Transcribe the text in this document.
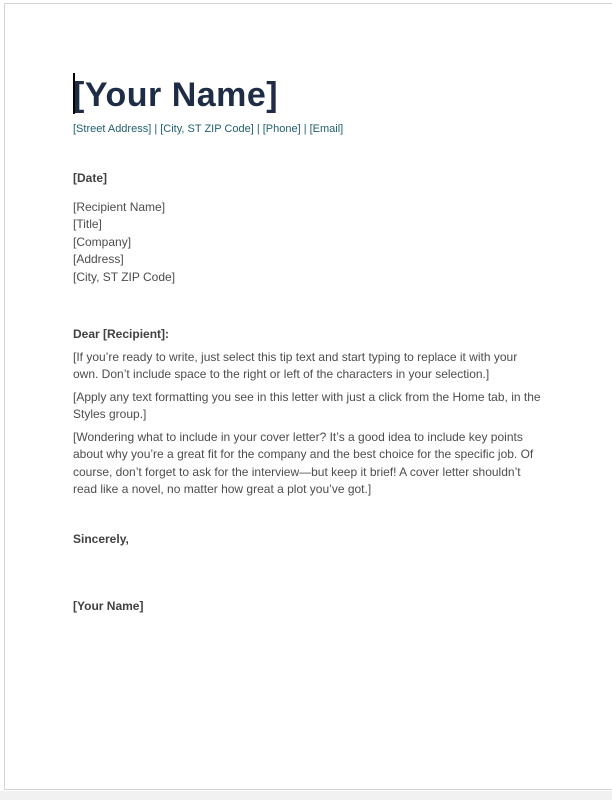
[Your Name]
[Street Address] | [City, ST ZIP Code] | [Phone] | [Email]
[Date]
[Recipient Name]
[Title]
[Company]
[Address]
[City, ST ZIP Code]

Dear [Recipient]:

[If you’re ready to write, just select this tip text and start typing to replace it with your own. Don’t include space to the right or left of the characters in your selection.]

[Apply any text formatting you see in this letter with just a click from the Home tab, in the Styles group.]

[Wondering what to include in your cover letter? It’s a good idea to include key points about why you’re a great fit for the company and the best choice for the specific job. Of course, don’t forget to ask for the interview—but keep it brief! A cover letter shouldn’t read like a novel, no matter how great a plot you’ve got.]

Sincerely,

[Your Name]
